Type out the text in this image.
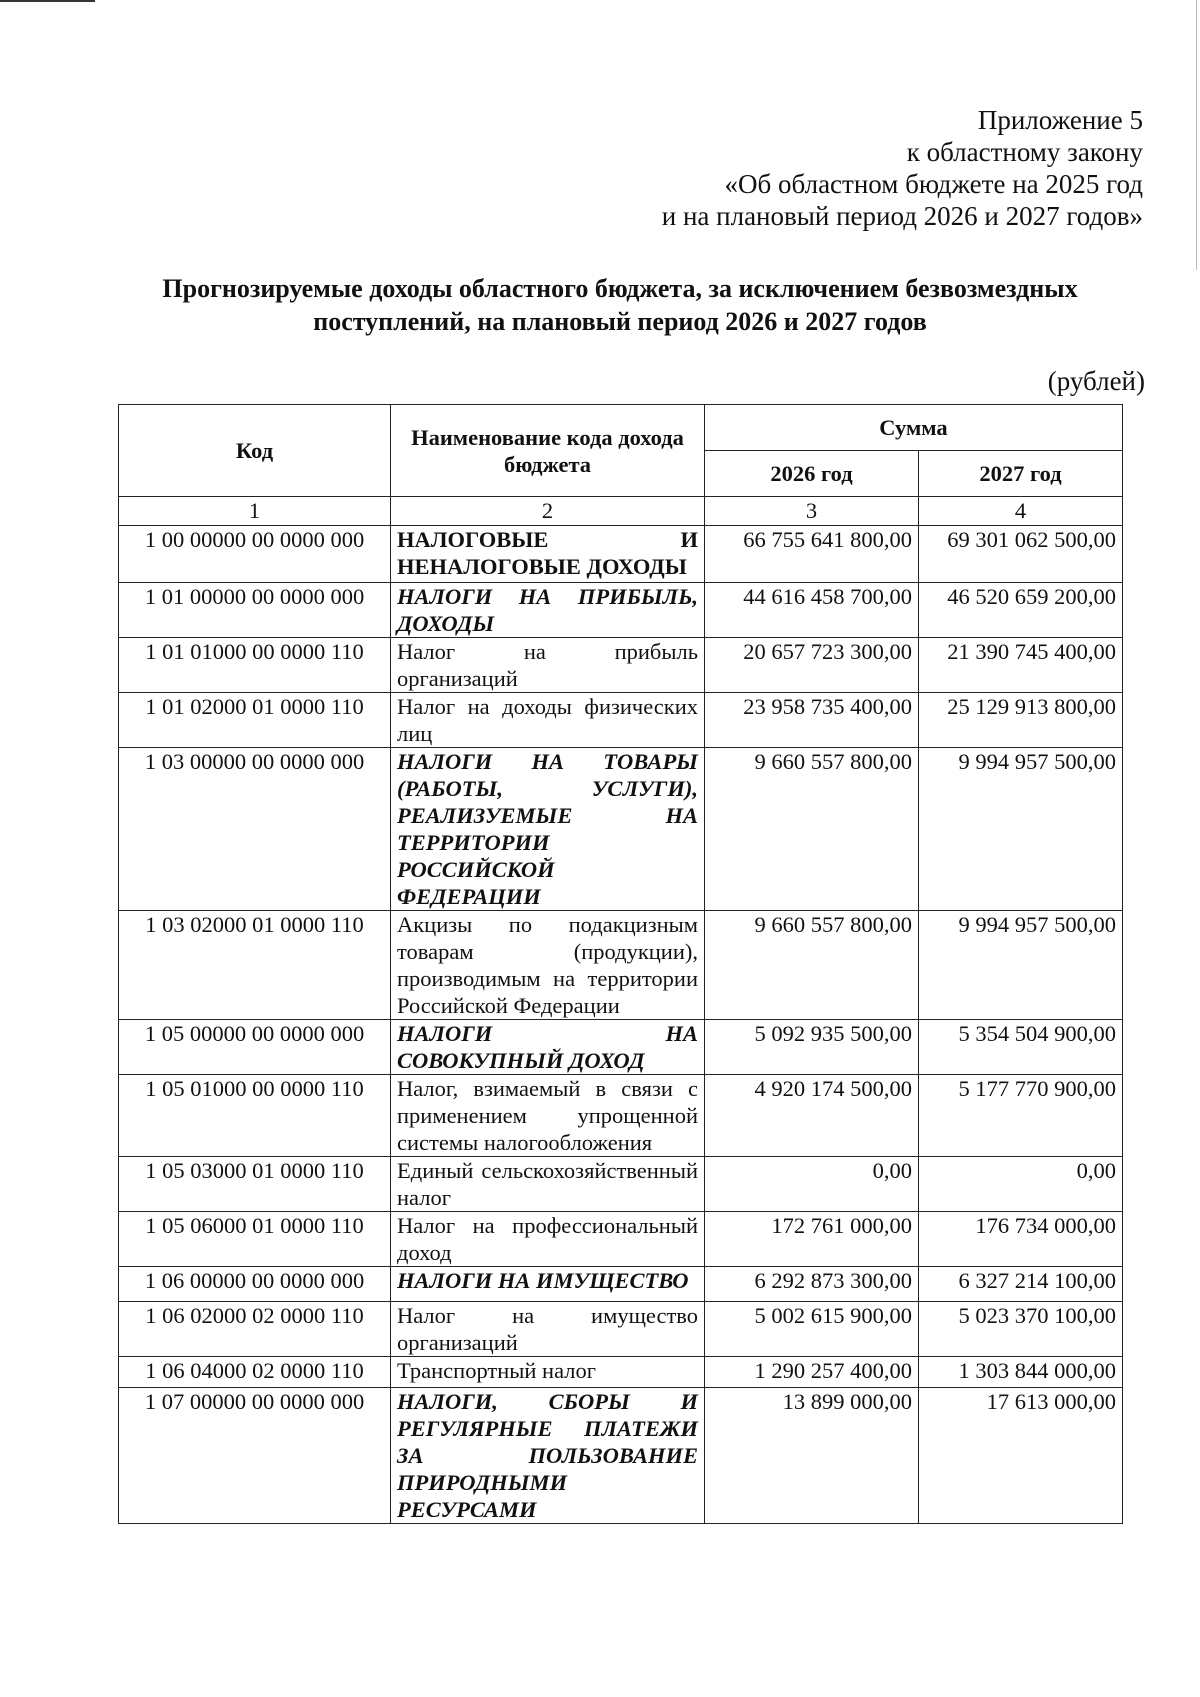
Приложение 5
к областному закону
«Об областном бюджете на 2025 год
и на плановый период 2026 и 2027 годов»
Прогнозируемые доходы областного бюджета, за исключением безвозмездных
поступлений, на плановый период 2026 и 2027 годов
(рублей)
Код	Наименование кода дохода бюджета	Сумма	
		2026 год	2027 год
1	2	3	4
1 00 00000 00 0000 000	НАЛОГОВЫЕ И НЕНАЛОГОВЫЕ ДОХОДЫ	66 755 641 800,00	69 301 062 500,00
1 01 00000 00 0000 000	НАЛОГИ НА ПРИБЫЛЬ, ДОХОДЫ	44 616 458 700,00	46 520 659 200,00
1 01 01000 00 0000 110	Налог на прибыль организаций	20 657 723 300,00	21 390 745 400,00
1 01 02000 01 0000 110	Налог на доходы физических лиц	23 958 735 400,00	25 129 913 800,00
1 03 00000 00 0000 000	НАЛОГИ НА ТОВАРЫ (РАБОТЫ, УСЛУГИ), РЕАЛИЗУЕМЫЕ НА ТЕРРИТОРИИ РОССИЙСКОЙ ФЕДЕРАЦИИ	9 660 557 800,00	9 994 957 500,00
1 03 02000 01 0000 110	Акцизы по подакцизным товарам (продукции), производимым на территории Российской Федерации	9 660 557 800,00	9 994 957 500,00
1 05 00000 00 0000 000	НАЛОГИ НА СОВОКУПНЫЙ ДОХОД	5 092 935 500,00	5 354 504 900,00
1 05 01000 00 0000 110	Налог, взимаемый в связи с применением упрощенной системы налогообложения	4 920 174 500,00	5 177 770 900,00
1 05 03000 01 0000 110	Единый сельскохозяйственный налог	0,00	0,00
1 05 06000 01 0000 110	Налог на профессиональный доход	172 761 000,00	176 734 000,00
1 06 00000 00 0000 000	НАЛОГИ НА ИМУЩЕСТВО	6 292 873 300,00	6 327 214 100,00
1 06 02000 02 0000 110	Налог на имущество организаций	5 002 615 900,00	5 023 370 100,00
1 06 04000 02 0000 110	Транспортный налог	1 290 257 400,00	1 303 844 000,00
1 07 00000 00 0000 000	НАЛОГИ, СБОРЫ И РЕГУЛЯРНЫЕ ПЛАТЕЖИ ЗА ПОЛЬЗОВАНИЕ ПРИРОДНЫМИ РЕСУРСАМИ	13 899 000,00	17 613 000,00
